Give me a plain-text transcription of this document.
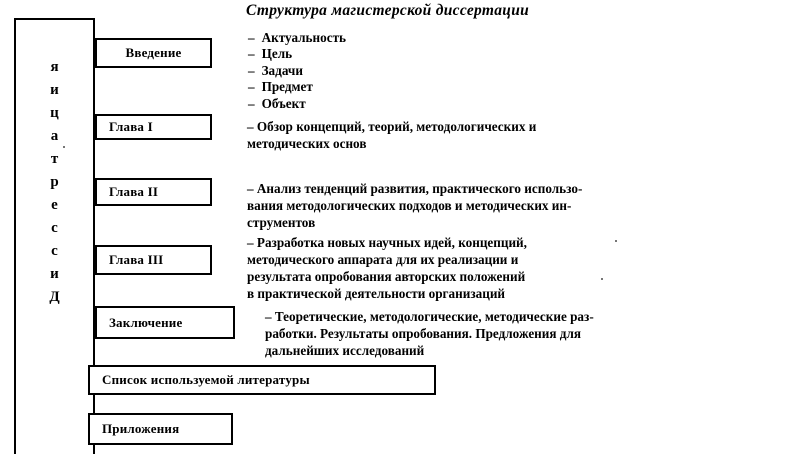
Структура магистерской диссертации
Д
и
с
с
е
р
т
а
ц
и
я
Введение
Глава I
Глава II
Глава III
Заключение
Список используемой литературы
Приложения
– Актуальность
– Цель
– Задачи
– Предмет
– Объект
– Обзор концепций, теорий, методологических и
методических основ
– Анализ тенденций развития, практического использо-
вания методологических подходов и методических ин-
струментов
– Разработка новых научных идей, концепций,
методического аппарата для их реализации и
результата опробования авторских положений
в практической деятельности организаций
– Теоретические, методологические, методические раз-
работки. Результаты опробования. Предложения для
дальнейших исследований
